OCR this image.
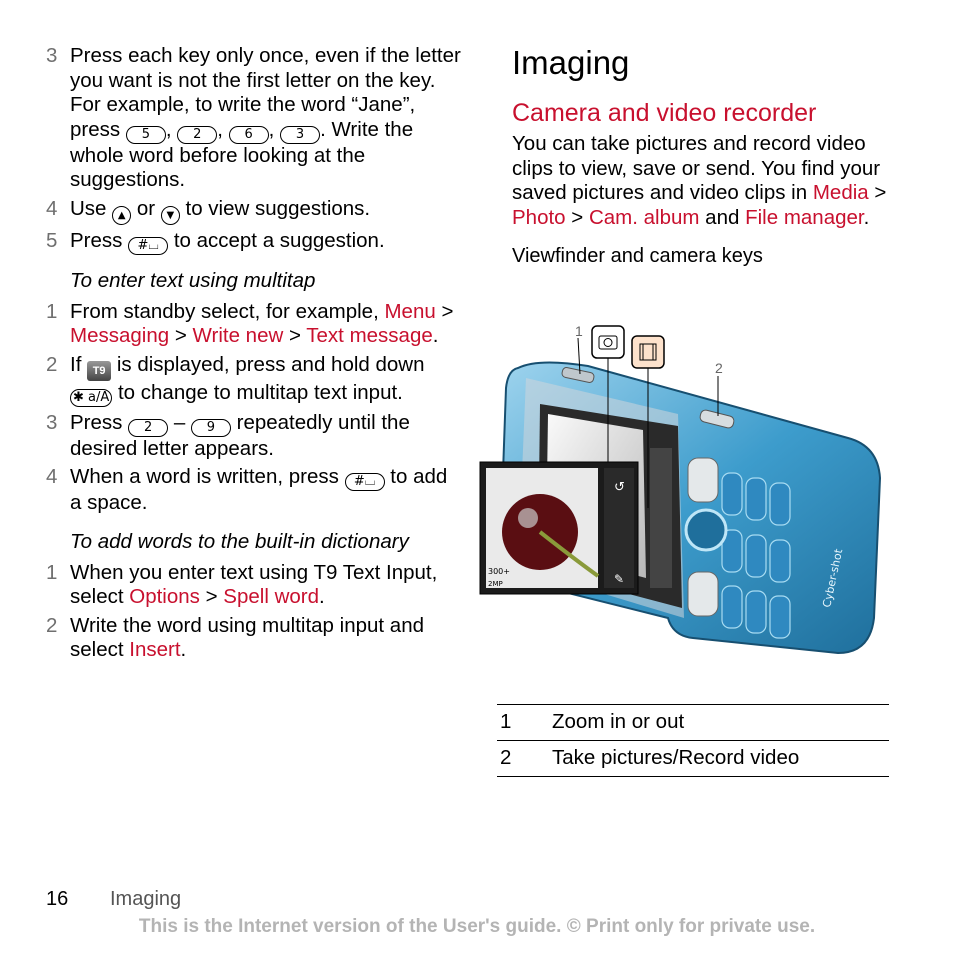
3 Press each key only once, even if the letter you want is not the first letter on the key. For example, to write the word “Jane”, press 5 , 2 , 6 , 3 . Write the whole word before looking at the suggestions.
4 Use ▲ or ▼ to view suggestions.
5 Press #⌴ to accept a suggestion.
To enter text using multitap
1 From standby select, for example, Menu > Messaging > Write new > Text message.
2 If T9 is displayed, press and hold down ✱ a/A to change to multitap text input.
3 Press 2 – 9 repeatedly until the desired letter appears.
4 When a word is written, press #⌴ to add a space.
To add words to the built-in dictionary
1 When you enter text using T9 Text Input, select Options > Spell word.
2 Write the word using multitap input and select Insert.
Imaging
Camera and video recorder

You can take pictures and record video clips to view, save or send. You find your saved pictures and video clips in Media > Photo > Cam. album and File manager.

Viewfinder and camera keys
Cyber-shot
1
2
↺
✎
300+
2MP
1	Zoom in or out
2	Take pictures/Record video
16 Imaging
This is the Internet version of the User's guide. © Print only for private use.
